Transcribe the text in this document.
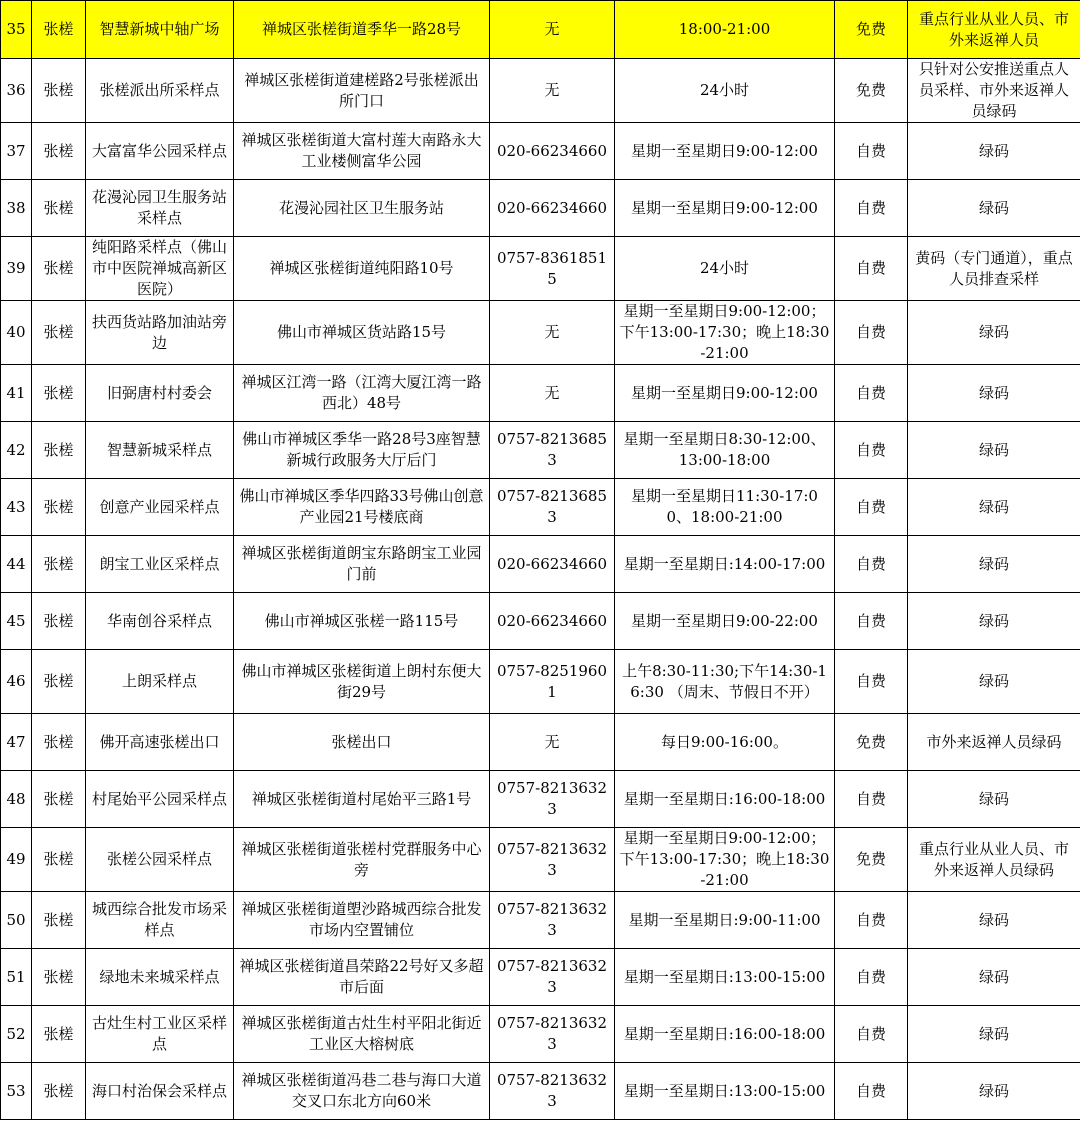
35	张槎	智慧新城中轴广场	禅城区张槎街道季华一路28号	无	18:00-21:00	免费	重点行业从业人员、市外来返禅人员
36	张槎	张槎派出所采样点	禅城区张槎街道建槎路2号张槎派出所门口	无	24小时	免费	只针对公安推送重点人员采样、市外来返禅人员绿码
37	张槎	大富富华公园采样点	禅城区张槎街道大富村莲大南路永大工业楼侧富华公园	020-66234660	星期一至星期日9:00-12:00	自费	绿码
38	张槎	花漫沁园卫生服务站采样点	花漫沁园社区卫生服务站	020-66234660	星期一至星期日9:00-12:00	自费	绿码
39	张槎	纯阳路采样点（佛山市中医院禅城高新区医院）	禅城区张槎街道纯阳路10号	0757-83618515	24小时	自费	黄码（专门通道），重点人员排查采样
40	张槎	扶西货站路加油站旁边	佛山市禅城区货站路15号	无	星期一至星期日9:00-12:00；下午13:00-17:30；晚上18:30-21:00	自费	绿码
41	张槎	旧弼唐村村委会	禅城区江湾一路（江湾大厦江湾一路西北）48号	无	星期一至星期日9:00-12:00	自费	绿码
42	张槎	智慧新城采样点	佛山市禅城区季华一路28号3座智慧新城行政服务大厅后门	0757-82136853	星期一至星期日8:30-12:00、13:00-18:00	自费	绿码
43	张槎	创意产业园采样点	佛山市禅城区季华四路33号佛山创意产业园21号楼底商	0757-82136853	星期一至星期日11:30-17:00、18:00-21:00	自费	绿码
44	张槎	朗宝工业区采样点	禅城区张槎街道朗宝东路朗宝工业园门前	020-66234660	星期一至星期日:14:00-17:00	自费	绿码
45	张槎	华南创谷采样点	佛山市禅城区张槎一路115号	020-66234660	星期一至星期日9:00-22:00	自费	绿码
46	张槎	上朗采样点	佛山市禅城区张槎街道上朗村东便大街29号	0757-82519601	上午8:30-11:30;下午14:30-16:30 （周末、节假日不开）	自费	绿码
47	张槎	佛开高速张槎出口	张槎出口	无	每日9:00-16:00。	免费	市外来返禅人员绿码
48	张槎	村尾始平公园采样点	禅城区张槎街道村尾始平三路1号	0757-82136323	星期一至星期日:16:00-18:00	自费	绿码
49	张槎	张槎公园采样点	禅城区张槎街道张槎村党群服务中心旁	0757-82136323	星期一至星期日9:00-12:00；下午13:00-17:30；晚上18:30-21:00	免费	重点行业从业人员、市外来返禅人员绿码
50	张槎	城西综合批发市场采样点	禅城区张槎街道塱沙路城西综合批发市场内空置铺位	0757-82136323	星期一至星期日:9:00-11:00	自费	绿码
51	张槎	绿地未来城采样点	禅城区张槎街道昌荣路22号好又多超市后面	0757-82136323	星期一至星期日:13:00-15:00	自费	绿码
52	张槎	古灶生村工业区采样点	禅城区张槎街道古灶生村平阳北街近工业区大榕树底	0757-82136323	星期一至星期日:16:00-18:00	自费	绿码
53	张槎	海口村治保会采样点	禅城区张槎街道冯巷二巷与海口大道交叉口东北方向60米	0757-82136323	星期一至星期日:13:00-15:00	自费	绿码
